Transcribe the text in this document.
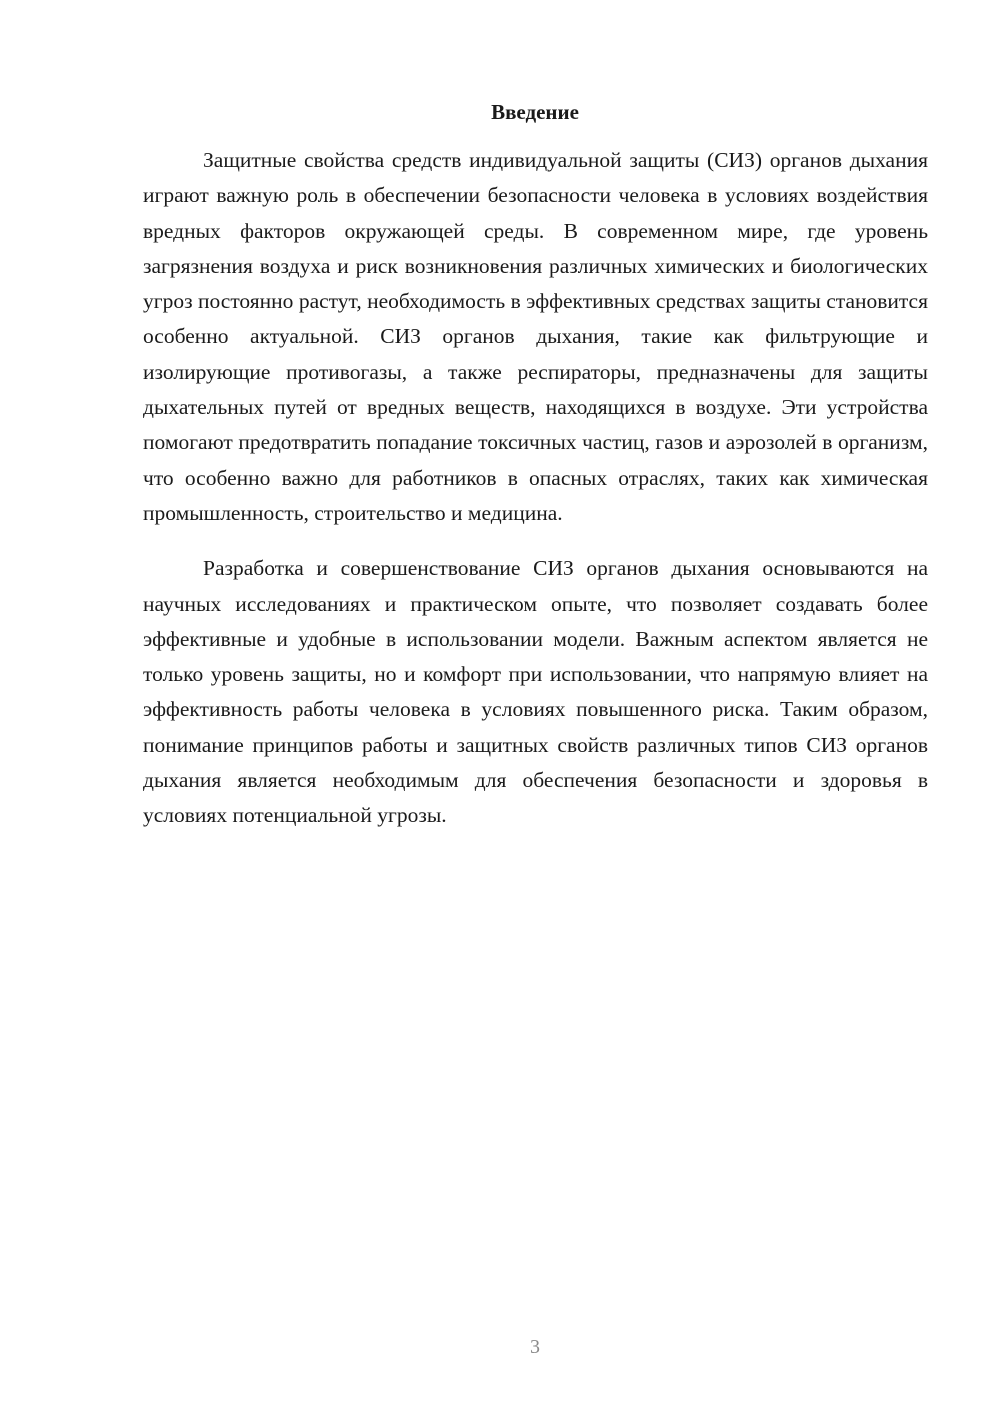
Введение

Защитные свойства средств индивидуальной защиты (СИЗ) органов дыхания играют важную роль в обеспечении безопасности человека в условиях воздействия вредных факторов окружающей среды. В современном мире, где уровень загрязнения воздуха и риск возникновения различных химических и биологических угроз постоянно растут, необходимость в эффективных средствах защиты становится особенно актуальной. СИЗ органов дыхания, такие как фильтрующие и изолирующие противогазы, а также респираторы, предназначены для защиты дыхательных путей от вредных веществ, находящихся в воздухе. Эти устройства помогают предотвратить попадание токсичных частиц, газов и аэрозолей в организм, что особенно важно для работников в опасных отраслях, таких как химическая промышленность, строительство и медицина.

Разработка и совершенствование СИЗ органов дыхания основываются на научных исследованиях и практическом опыте, что позволяет создавать более эффективные и удобные в использовании модели. Важным аспектом является не только уровень защиты, но и комфорт при использовании, что напрямую влияет на эффективность работы человека в условиях повышенного риска. Таким образом, понимание принципов работы и защитных свойств различных типов СИЗ органов дыхания является необходимым для обеспечения безопасности и здоровья в условиях потенциальной угрозы.

3
